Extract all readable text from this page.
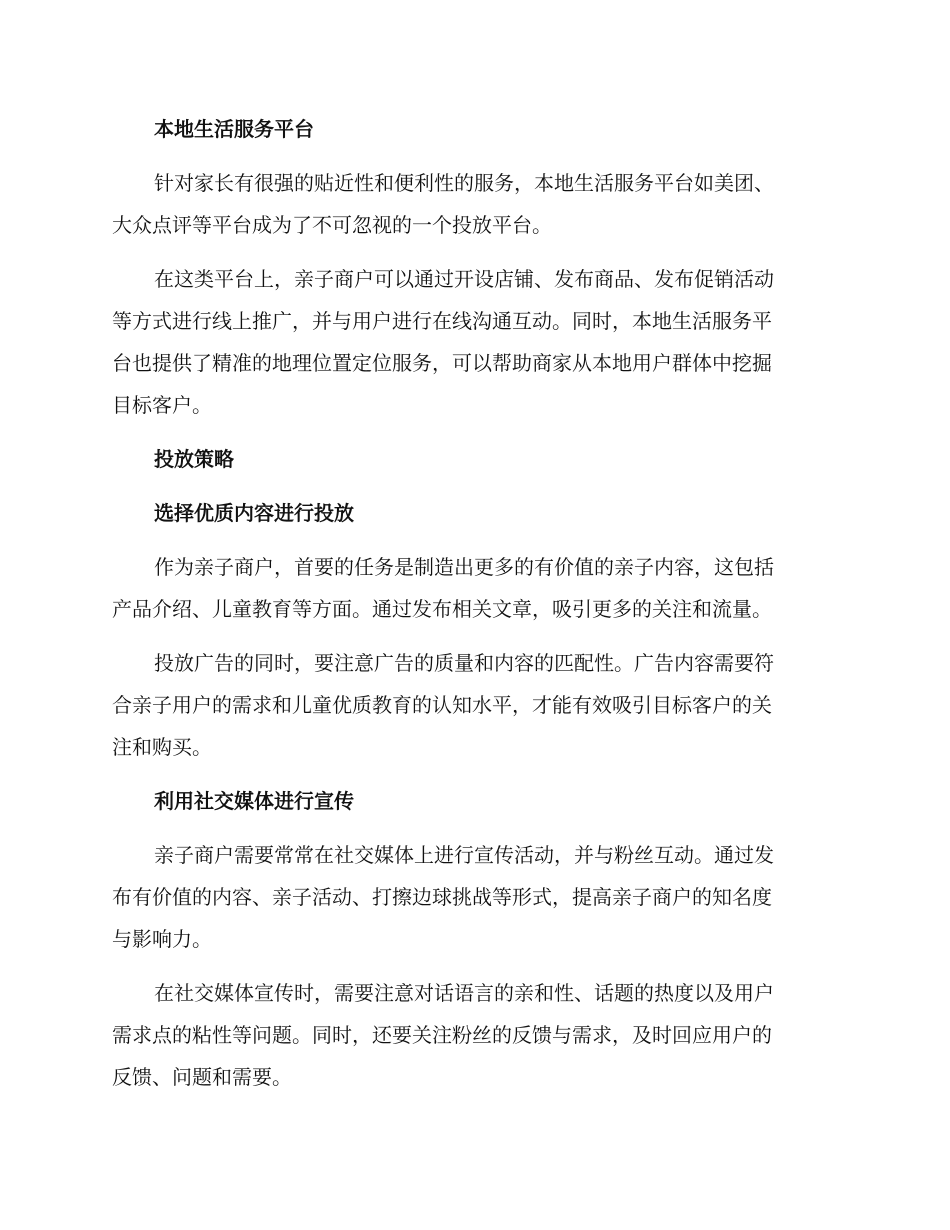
本地生活服务平台

针对家长有很强的贴近性和便利性的服务，本地生活服务平台如美团、
大众点评等平台成为了不可忽视的一个投放平台。

在这类平台上，亲子商户可以通过开设店铺、发布商品、发布促销活动
等方式进行线上推广，并与用户进行在线沟通互动。同时，本地生活服务平
台也提供了精准的地理位置定位服务，可以帮助商家从本地用户群体中挖掘
目标客户。

投放策略
选择优质内容进行投放

作为亲子商户，首要的任务是制造出更多的有价值的亲子内容，这包括
产品介绍、儿童教育等方面。通过发布相关文章，吸引更多的关注和流量。

投放广告的同时，要注意广告的质量和内容的匹配性。广告内容需要符
合亲子用户的需求和儿童优质教育的认知水平，才能有效吸引目标客户的关
注和购买。

利用社交媒体进行宣传

亲子商户需要常常在社交媒体上进行宣传活动，并与粉丝互动。通过发
布有价值的内容、亲子活动、打擦边球挑战等形式，提高亲子商户的知名度
与影响力。

在社交媒体宣传时，需要注意对话语言的亲和性、话题的热度以及用户
需求点的粘性等问题。同时，还要关注粉丝的反馈与需求，及时回应用户的
反馈、问题和需要。
